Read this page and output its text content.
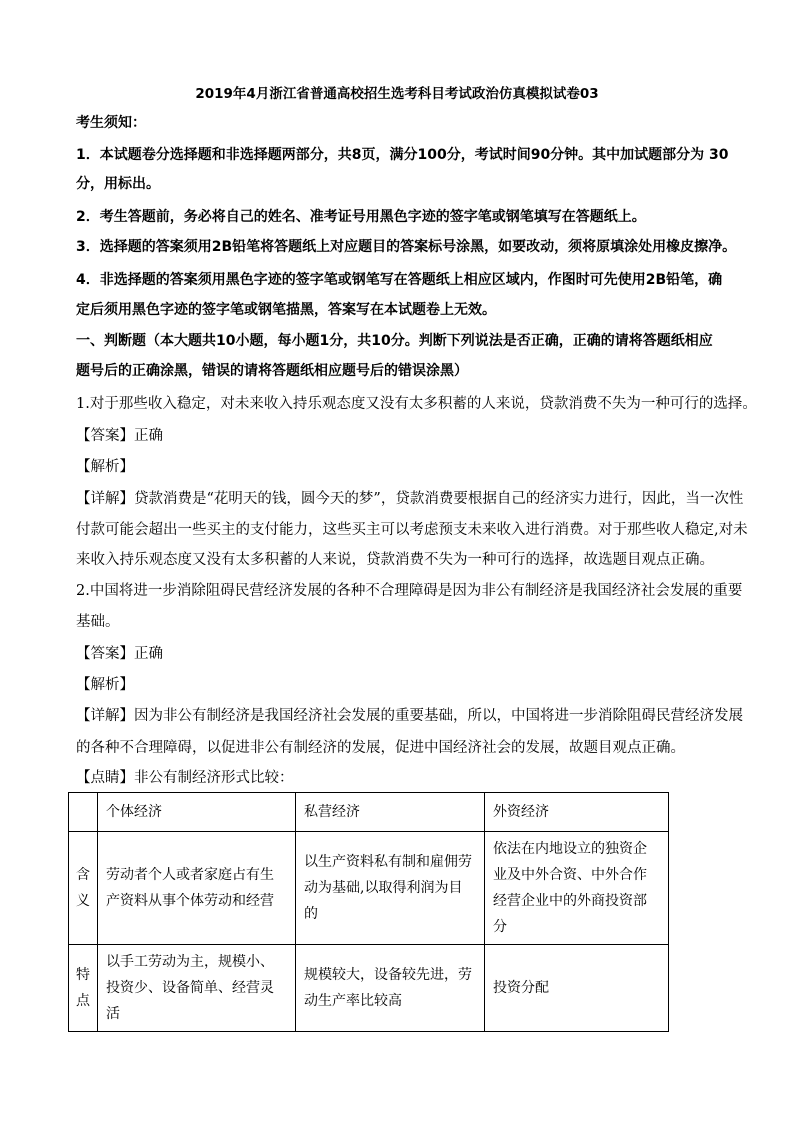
2019年4月浙江省普通高校招生选考科目考试政治仿真模拟试卷03
考生须知：
1．本试题卷分选择题和非选择题两部分，共8页，满分100分，考试时间90分钟。其中加试题部分为 30
分，用标出。
2．考生答题前，务必将自己的姓名、准考证号用黑色字迹的签字笔或钢笔填写在答题纸上。
3．选择题的答案须用2B铅笔将答题纸上对应题目的答案标号涂黑，如要改动，须将原填涂处用橡皮擦净。
4．非选择题的答案须用黑色字迹的签字笔或钢笔写在答题纸上相应区域内，作图时可先使用2B铅笔，确
定后须用黑色字迹的签字笔或钢笔描黑，答案写在本试题卷上无效。
一、判断题（本大题共10小题，每小题1分，共10分。判断下列说法是否正确，正确的请将答题纸相应
题号后的正确涂黑，错误的请将答题纸相应题号后的错误涂黑）
1.对于那些收入稳定，对未来收入持乐观态度又没有太多积蓄的人来说，贷款消费不失为一种可行的选择。
【答案】正确
【解析】
【详解】贷款消费是“花明天的钱，圆今天的梦”，贷款消费要根据自己的经济实力进行，因此，当一次性
付款可能会超出一些买主的支付能力，这些买主可以考虑预支未来收入进行消费。对于那些收人稳定,对未
来收入持乐观态度又没有太多积蓄的人来说，贷款消费不失为一种可行的选择，故选题目观点正确。
2.中国将进一步消除阻碍民营经济发展的各种不合理障碍是因为非公有制经济是我国经济社会发展的重要
基础。
【答案】正确
【解析】
【详解】因为非公有制经济是我国经济社会发展的重要基础，所以，中国将进一步消除阻碍民营经济发展
的各种不合理障碍，以促进非公有制经济的发展，促进中国经济社会的发展，故题目观点正确。
【点睛】非公有制经济形式比较：
	个体经济	私营经济	外资经济
含义	劳动者个人或者家庭占有生产资料从事个体劳动和经营	以生产资料私有制和雇佣劳动为基础,以取得利润为目的	依法在内地设立的独资企业及中外合资、中外合作经营企业中的外商投资部分
特点	以手工劳动为主，规模小、投资少、设备简单、经营灵活	规模较大，设备较先进，劳动生产率比较高	投资分配
